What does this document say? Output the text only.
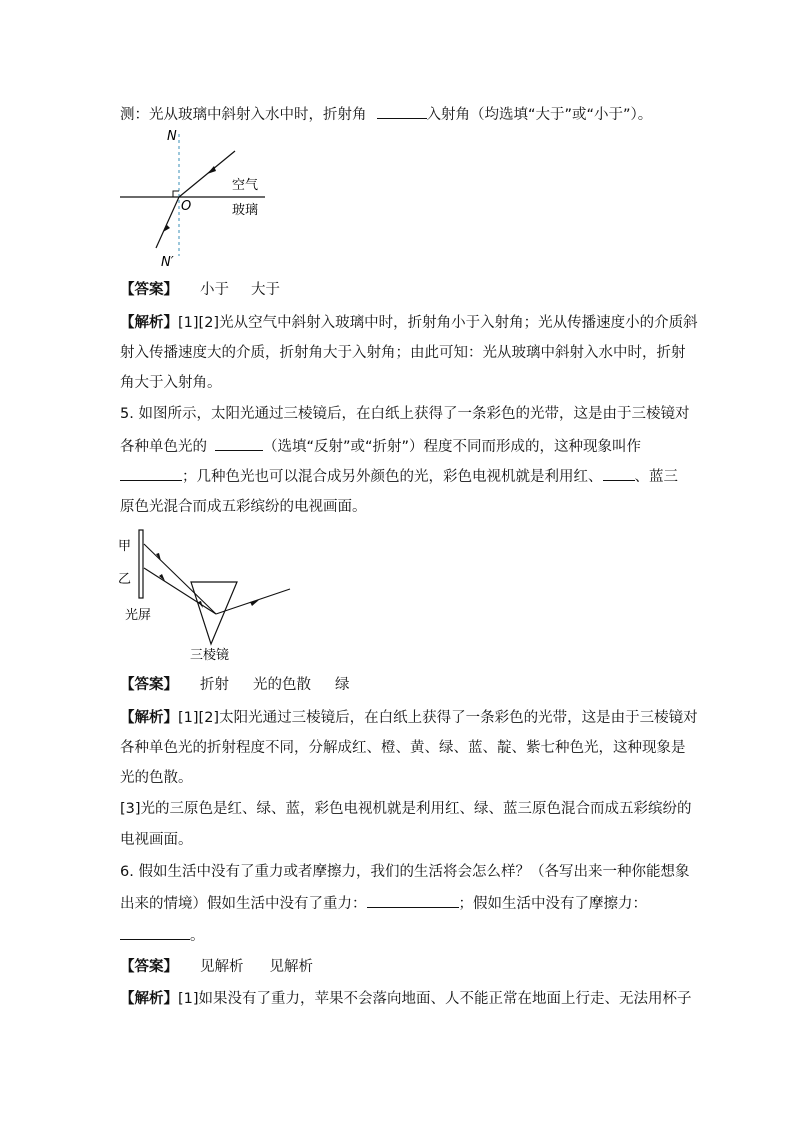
测：光从玻璃中斜射入水中时，折射角	入射角（均选填“大于”或“小于”）。
N
O
N′
空气
玻璃
【答案】 小于 大于
【解析】[1][2]光从空气中斜射入玻璃中时，折射角小于入射角；光从传播速度小的介质斜
射入传播速度大的介质，折射角大于入射角；由此可知：光从玻璃中斜射入水中时，折射
角大于入射角。
5. 如图所示，太阳光通过三棱镜后，在白纸上获得了一条彩色的光带，这是由于三棱镜对
各种单色光的	（选填“反射”或“折射”）程度不同而形成的，这种现象叫作
；几种色光也可以混合成另外颜色的光，彩色电视机就是利用红、 、蓝三
原色光混合而成五彩缤纷的电视画面。
甲
乙
光屏
三棱镜
【答案】 折射 光的色散 绿
【解析】[1][2]太阳光通过三棱镜后，在白纸上获得了一条彩色的光带，这是由于三棱镜对
各种单色光的折射程度不同，分解成红、橙、黄、绿、蓝、靛、紫七种色光，这种现象是
光的色散。
[3]光的三原色是红、绿、蓝，彩色电视机就是利用红、绿、蓝三原色混合而成五彩缤纷的
电视画面。
6. 假如生活中没有了重力或者摩擦力，我们的生活将会怎么样？（各写出来一种你能想象
出来的情境）假如生活中没有了重力：	；假如生活中没有了摩擦力：
。
【答案】 见解析 见解析
【解析】[1]如果没有了重力，苹果不会落向地面、人不能正常在地面上行走、无法用杯子
